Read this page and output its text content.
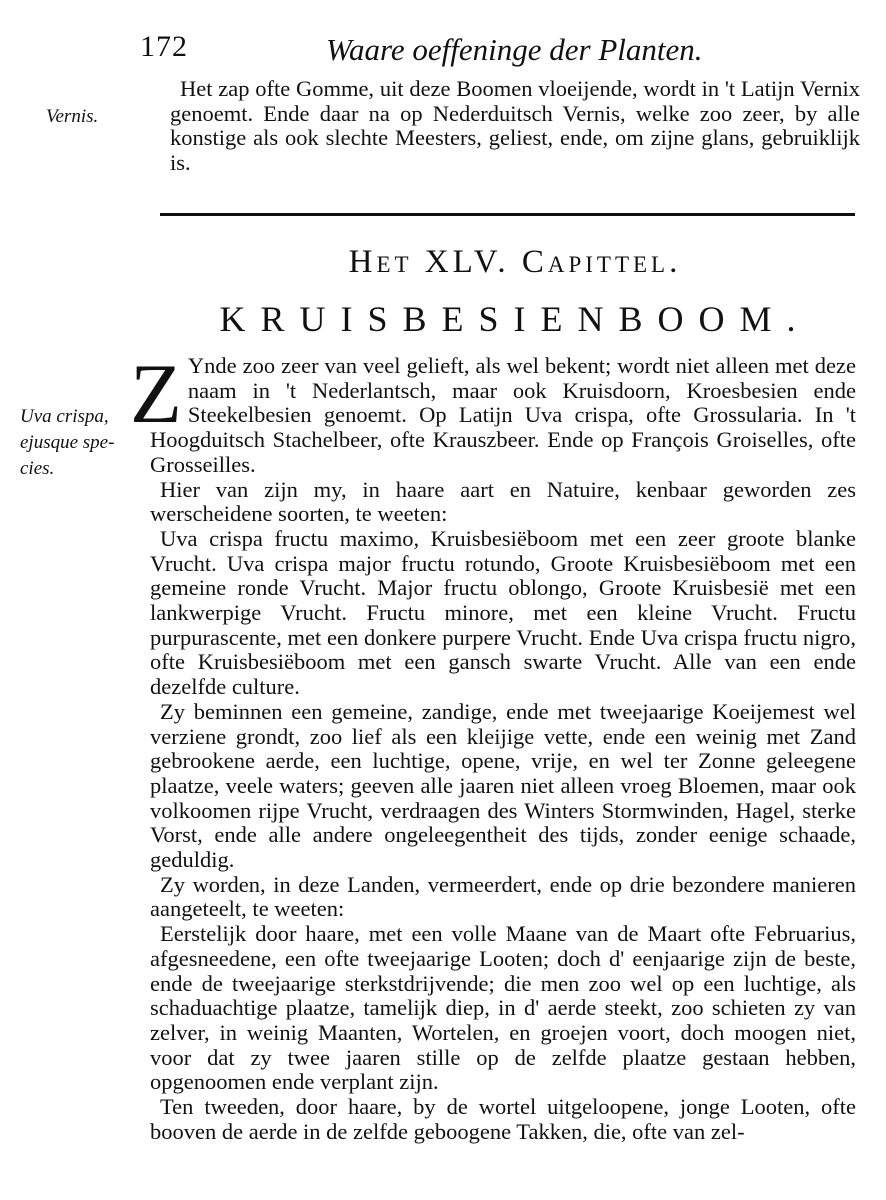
172	Waare oeffeninge der Planten.
Vernis.
Uva crispa, ejusque spe- cies.

Het zap ofte Gomme, uit deze Boomen vloeijende, wordt in 't Latijn Vernix genoemt. Ende daar na op Nederduitsch Vernis, welke zoo zeer, by alle konstige als ook slechte Meesters, geliest, ende, om zijne glans, gebruiklijk is.

Het XLV. Capittel.
KRUISBESIENBOOM.

Z Ynde zoo zeer van veel gelieft, als wel bekent; wordt niet alleen met deze naam in 't Nederlantsch, maar ook Kruisdoorn, Kroesbesien ende Steekelbesien genoemt. Op Latijn Uva crispa, ofte Grossularia. In 't Hoogduitsch Stachelbeer, ofte Krauszbeer. Ende op François Groiselles, ofte Grosseilles.

Hier van zijn my, in haare aart en Natuire, kenbaar geworden zes werscheidene soorten, te weeten:

Uva crispa fructu maximo, Kruisbesiëboom met een zeer groote blanke Vrucht. Uva crispa major fructu rotundo, Groote Kruisbesiëboom met een gemeine ronde Vrucht. Major fructu oblongo, Groote Kruisbesië met een lankwerpige Vrucht. Fructu minore, met een kleine Vrucht. Fructu purpurascente, met een donkere purpere Vrucht. Ende Uva crispa fructu nigro, ofte Kruisbesiëboom met een gansch swarte Vrucht. Alle van een ende dezelfde culture.

Zy beminnen een gemeine, zandige, ende met tweejaarige Koeijemest wel verziene grondt, zoo lief als een kleijige vette, ende een weinig met Zand gebrookene aerde, een luchtige, opene, vrije, en wel ter Zonne geleegene plaatze, veele waters; geeven alle jaaren niet alleen vroeg Bloemen, maar ook volkoomen rijpe Vrucht, verdraagen des Winters Stormwinden, Hagel, sterke Vorst, ende alle andere ongeleegentheit des tijds, zonder eenige schaade, geduldig.

Zy worden, in deze Landen, vermeerdert, ende op drie bezondere manieren aangeteelt, te weeten:

Eerstelijk door haare, met een volle Maane van de Maart ofte Februarius, afgesneedene, een ofte tweejaarige Looten; doch d' eenjaarige zijn de beste, ende de tweejaarige sterkstdrijvende; die men zoo wel op een luchtige, als schaduachtige plaatze, tamelijk diep, in d' aerde steekt, zoo schieten zy van zelver, in weinig Maanten, Wortelen, en groejen voort, doch moogen niet, voor dat zy twee jaaren stille op de zelfde plaatze gestaan hebben, opgenoomen ende verplant zijn.

Ten tweeden, door haare, by de wortel uitgeloopene, jonge Looten, ofte booven de aerde in de zelfde geboogene Takken, die, ofte van zel-
